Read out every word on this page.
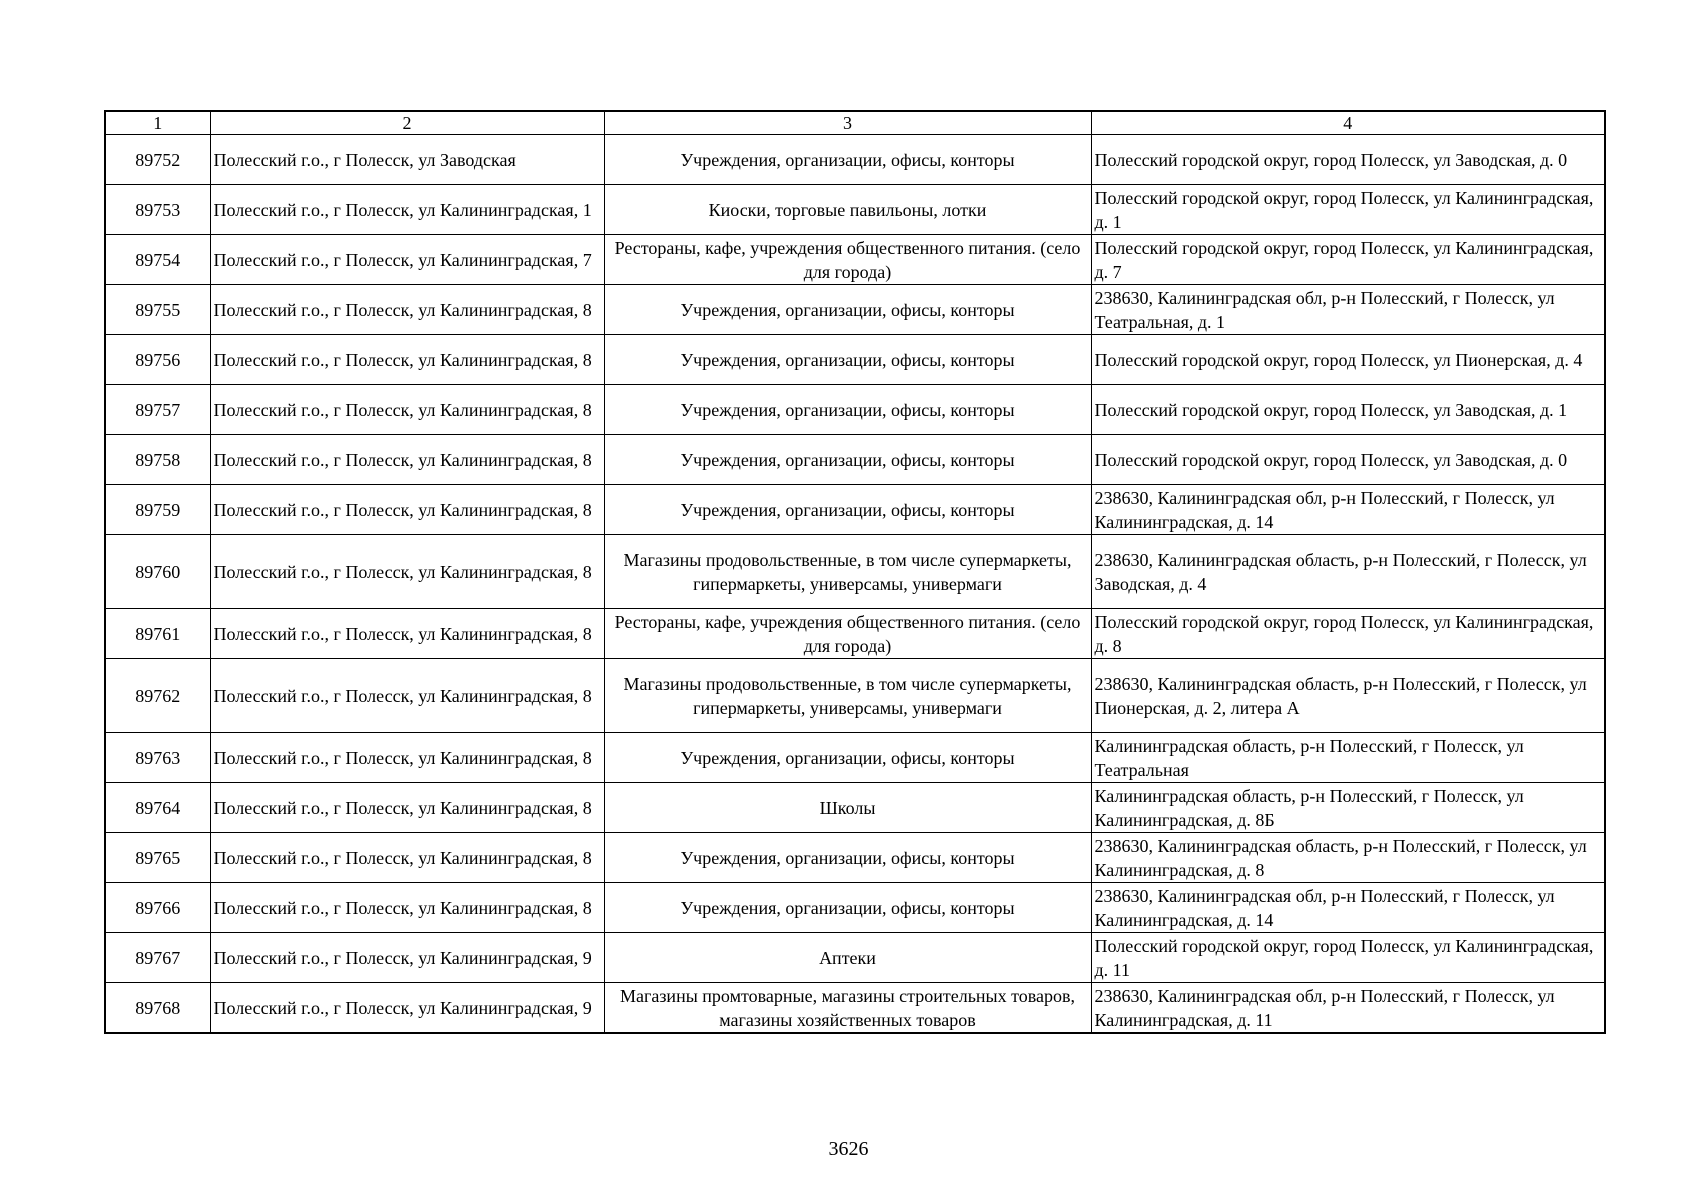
1	2	3	4
89752	Полесский г.о., г Полесск, ул Заводская	Учреждения, организации, офисы, конторы	Полесский городской округ, город Полесск, ул Заводская, д. 0
89753	Полесский г.о., г Полесск, ул Калининградская, 1	Киоски, торговые павильоны, лотки	Полесский городской округ, город Полесск, ул Калининградская, д. 1
89754	Полесский г.о., г Полесск, ул Калининградская, 7	Рестораны, кафе, учреждения общественного питания. (село для города)	Полесский городской округ, город Полесск, ул Калининградская, д. 7
89755	Полесский г.о., г Полесск, ул Калининградская, 8	Учреждения, организации, офисы, конторы	238630, Калининградская обл, р-н Полесский, г Полесск, ул Театральная, д. 1
89756	Полесский г.о., г Полесск, ул Калининградская, 8	Учреждения, организации, офисы, конторы	Полесский городской округ, город Полесск, ул Пионерская, д. 4
89757	Полесский г.о., г Полесск, ул Калининградская, 8	Учреждения, организации, офисы, конторы	Полесский городской округ, город Полесск, ул Заводская, д. 1
89758	Полесский г.о., г Полесск, ул Калининградская, 8	Учреждения, организации, офисы, конторы	Полесский городской округ, город Полесск, ул Заводская, д. 0
89759	Полесский г.о., г Полесск, ул Калининградская, 8	Учреждения, организации, офисы, конторы	238630, Калининградская обл, р-н Полесский, г Полесск, ул Калининградская, д. 14
89760	Полесский г.о., г Полесск, ул Калининградская, 8	Магазины продовольственные, в том числе супермаркеты, гипермаркеты, универсамы, универмаги	238630, Калининградская область, р-н Полесский, г Полесск, ул Заводская, д. 4
89761	Полесский г.о., г Полесск, ул Калининградская, 8	Рестораны, кафе, учреждения общественного питания. (село для города)	Полесский городской округ, город Полесск, ул Калининградская, д. 8
89762	Полесский г.о., г Полесск, ул Калининградская, 8	Магазины продовольственные, в том числе супермаркеты, гипермаркеты, универсамы, универмаги	238630, Калининградская область, р-н Полесский, г Полесск, ул Пионерская, д. 2, литера А
89763	Полесский г.о., г Полесск, ул Калининградская, 8	Учреждения, организации, офисы, конторы	Калининградская область, р-н Полесский, г Полесск, ул Театральная
89764	Полесский г.о., г Полесск, ул Калининградская, 8	Школы	Калининградская область, р-н Полесский, г Полесск, ул Калининградская, д. 8Б
89765	Полесский г.о., г Полесск, ул Калининградская, 8	Учреждения, организации, офисы, конторы	238630, Калининградская область, р-н Полесский, г Полесск, ул Калининградская, д. 8
89766	Полесский г.о., г Полесск, ул Калининградская, 8	Учреждения, организации, офисы, конторы	238630, Калининградская обл, р-н Полесский, г Полесск, ул Калининградская, д. 14
89767	Полесский г.о., г Полесск, ул Калининградская, 9	Аптеки	Полесский городской округ, город Полесск, ул Калининградская, д. 11
89768	Полесский г.о., г Полесск, ул Калининградская, 9	Магазины промтоварные, магазины строительных товаров, магазины хозяйственных товаров	238630, Калининградская обл, р-н Полесский, г Полесск, ул Калининградская, д. 11
3626
